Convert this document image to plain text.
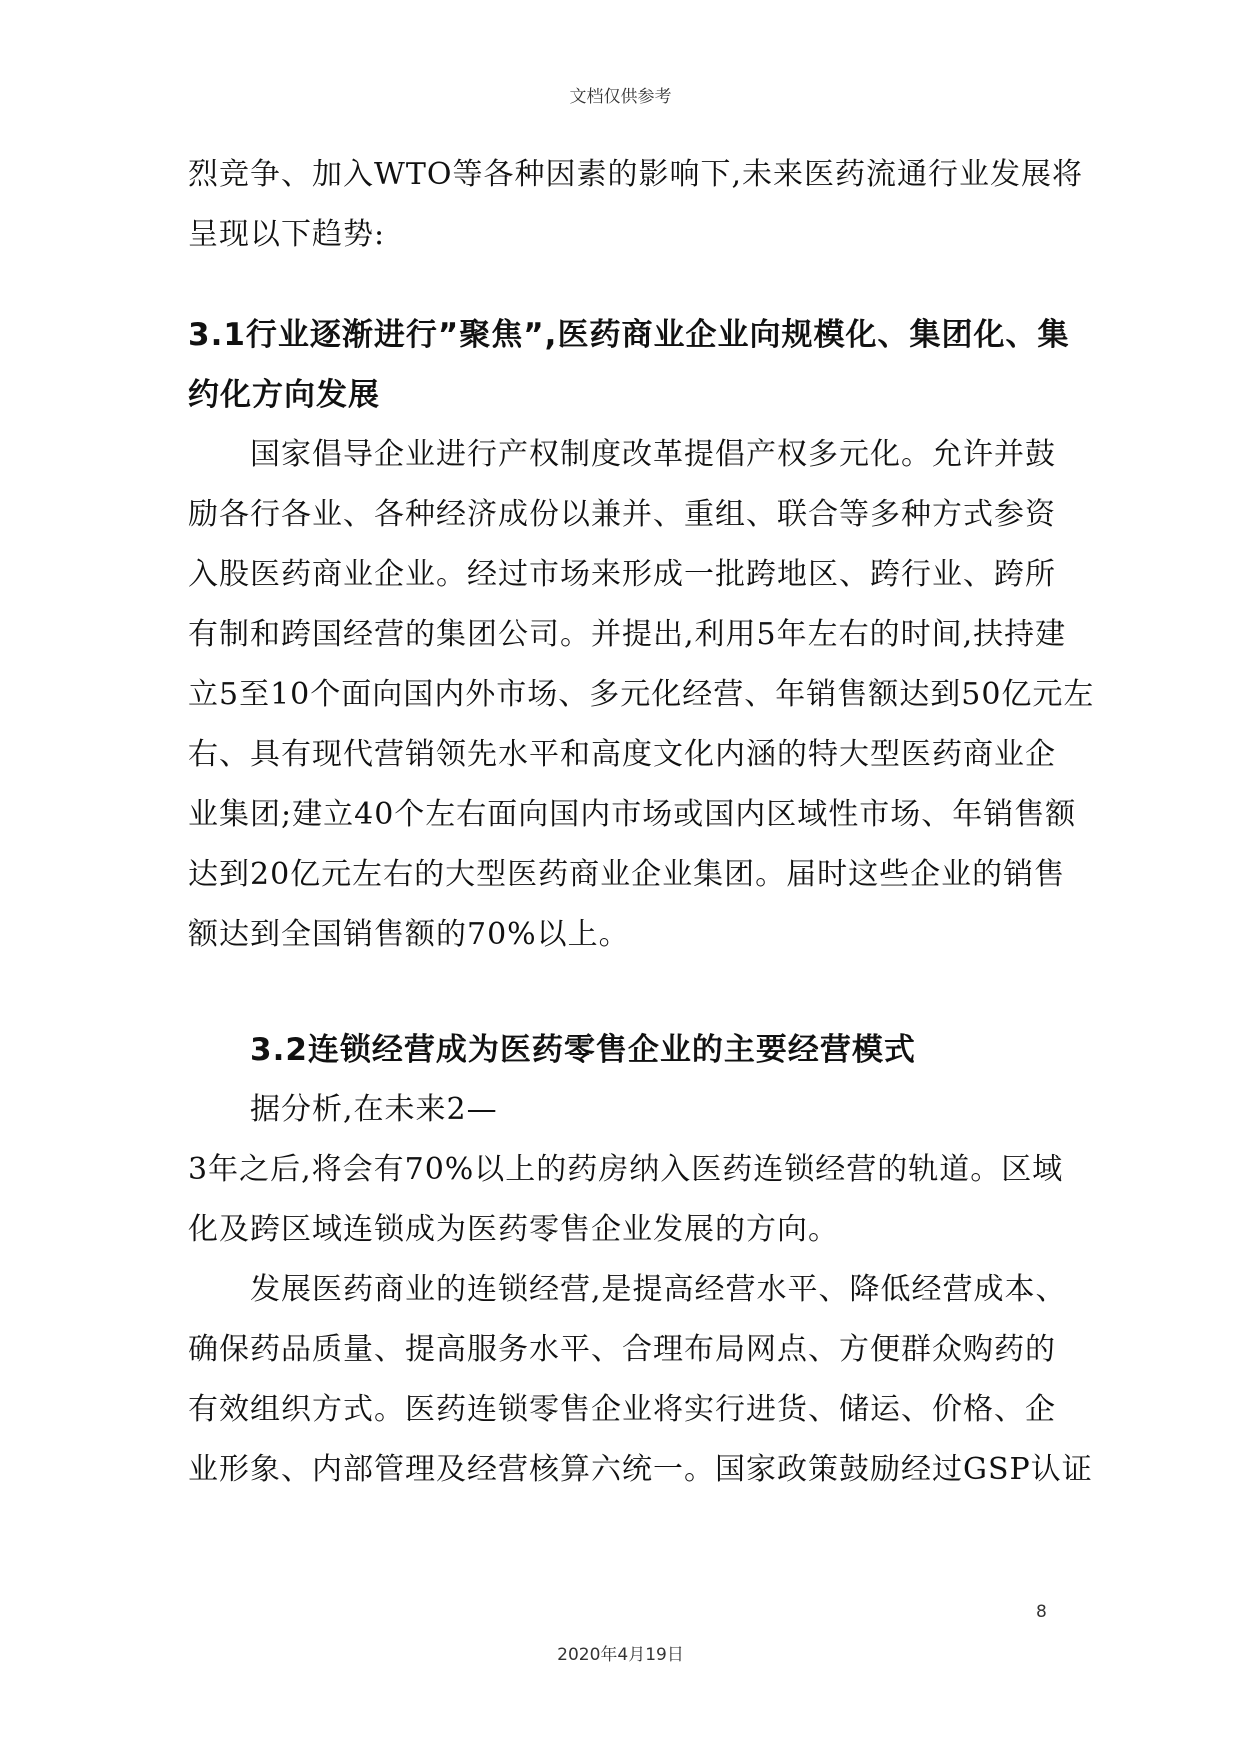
文档仅供参考
烈竞争、加入WTO等各种因素的影响下,未来医药流通行业发展将
呈现以下趋势:
3.1行业逐渐进行”聚焦”,医药商业企业向规模化、集团化、集
约化方向发展
国家倡导企业进行产权制度改革提倡产权多元化。允许并鼓
励各行各业、各种经济成份以兼并、重组、联合等多种方式参资
入股医药商业企业。经过市场来形成一批跨地区、跨行业、跨所
有制和跨国经营的集团公司。并提出,利用5年左右的时间,扶持建
立5至10个面向国内外市场、多元化经营、年销售额达到50亿元左
右、具有现代营销领先水平和高度文化内涵的特大型医药商业企
业集团;建立40个左右面向国内市场或国内区域性市场、年销售额
达到20亿元左右的大型医药商业企业集团。届时这些企业的销售
额达到全国销售额的70%以上。
3.2连锁经营成为医药零售企业的主要经营模式
据分析,在未来2—
3年之后,将会有70%以上的药房纳入医药连锁经营的轨道。区域
化及跨区域连锁成为医药零售企业发展的方向。
发展医药商业的连锁经营,是提高经营水平、降低经营成本、
确保药品质量、提高服务水平、合理布局网点、方便群众购药的
有效组织方式。医药连锁零售企业将实行进货、储运、价格、企
业形象、内部管理及经营核算六统一。国家政策鼓励经过GSP认证
8
2020年4月19日
